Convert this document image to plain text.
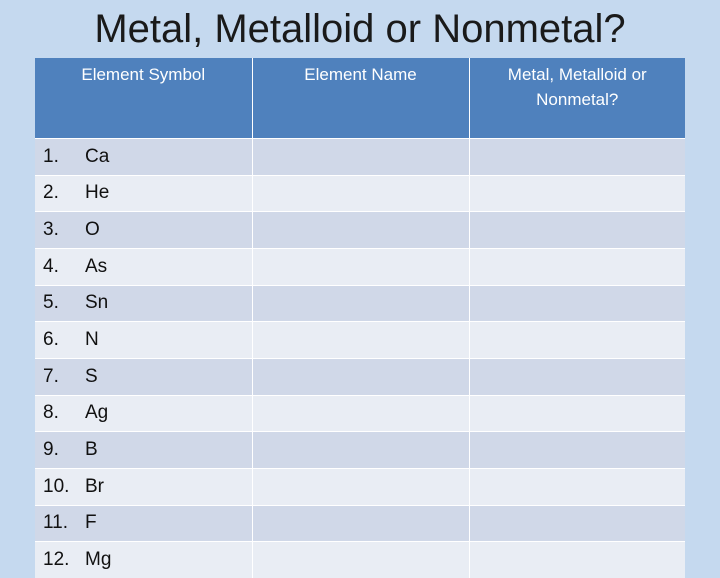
Metal, Metalloid or Nonmetal?
Element Symbol	Element Name	Metal, Metalloid or Nonmetal?

1. Ca		

2. He		

3. O		

4. As		

5. Sn		

6. N		

7. S		

8. Ag		

9. B		

10. Br		

11. F		

12. Mg		
